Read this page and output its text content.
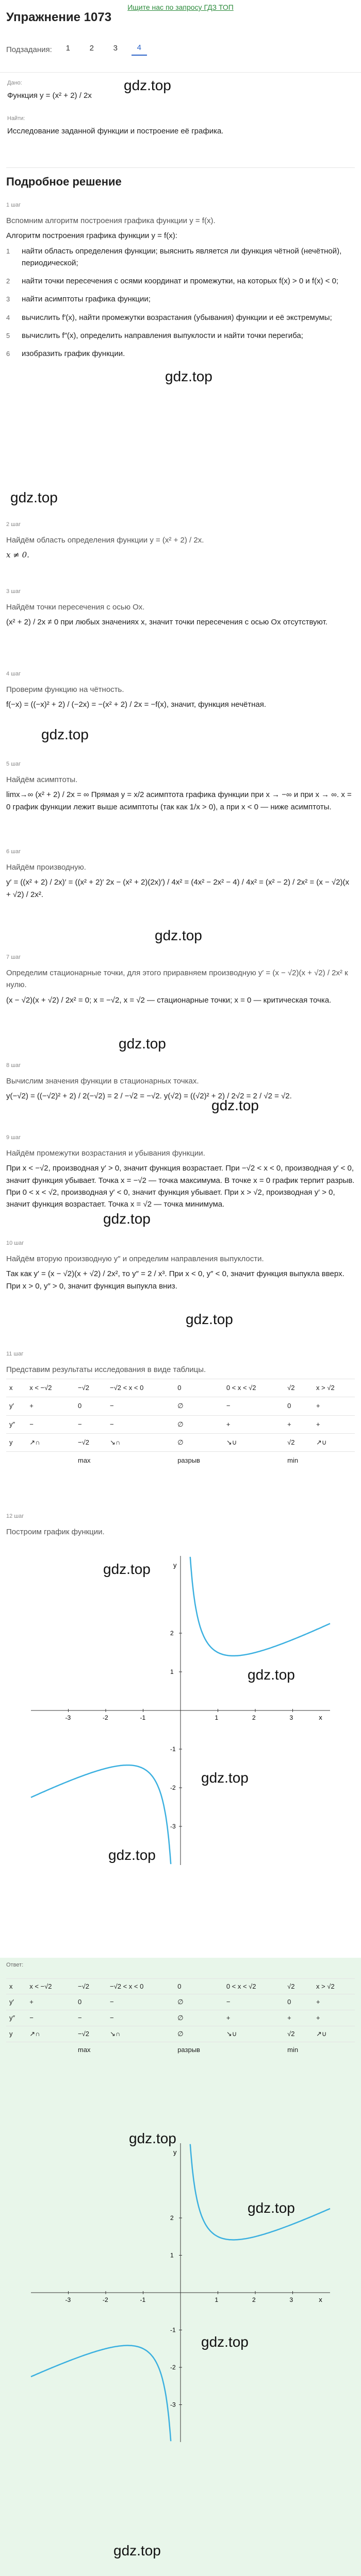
Ищите нас по запросу ГДЗ ТОП
Упражнение 1073
Подзадания:	1	2	3	4
Дано:
Функция y = (x² + 2) / 2x
Найти:
Исследование заданной функции и построение её графика.
gdz.top
Подробное решение
1 шаг

Вспомним алгоритм построения графика функции y = f(x).

Алгоритм построения графика функции y = f(x):

1	найти область определения функции; выяснить является ли функция чётной (нечётной), периодической;
2	найти точки пересечения с осями координат и промежутки, на которых f(x) > 0 и f(x) < 0;
3	найти асимптоты графика функции;
4	вычислить f′(x), найти промежутки возрастания (убывания) функции и её экстремумы;
5	вычислить f″(x), определить направления выпуклости и найти точки перегиба;
6	изобразить график функции.
gdz.top
gdz.top
2 шаг

Найдём область определения функции y = (x² + 2) / 2x.

x ≠ 0.

3 шаг

Найдём точки пересечения с осью Ox.

(x² + 2) / 2x ≠ 0 при любых значениях x, значит точки пересечения с осью Ox отсутствуют.

4 шаг

Проверим функцию на чётность.

f(−x) = ((−x)² + 2) / (−2x) = −(x² + 2) / 2x = −f(x), значит, функция нечётная.

gdz.top
5 шаг

Найдём асимптоты.

limx→∞ (x² + 2) / 2x = ∞ Прямая y = x/2 асимптота графика функции при x → −∞ и при x → ∞. x = 0 график функции лежит выше асимптоты (так как 1/x > 0), а при x < 0 — ниже асимптоты.

6 шаг

Найдём производную.

y′ = ((x² + 2) / 2x)′ = ((x² + 2)′ 2x − (x² + 2)(2x)′) / 4x² = (4x² − 2x² − 4) / 4x² = (x² − 2) / 2x² = (x − √2)(x + √2) / 2x².

gdz.top
7 шаг

Определим стационарные точки, для этого приравняем производную y′ = (x − √2)(x + √2) / 2x² к нулю.

(x − √2)(x + √2) / 2x² = 0; x = −√2, x = √2 — стационарные точки; x = 0 — критическая точка.

gdz.top
8 шаг

Вычислим значения функции в стационарных точках.

y(−√2) = ((−√2)² + 2) / 2(−√2) = 2 / −√2 = −√2. y(√2) = ((√2)² + 2) / 2√2 = 2 / √2 = √2.

gdz.top
9 шаг

Найдём промежутки возрастания и убывания функции.

При x < −√2, производная y′ > 0, значит функция возрастает. При −√2 < x < 0, производная y′ < 0, значит функция убывает. Точка x = −√2 — точка максимума. В точке x = 0 график терпит разрыв. При 0 < x < √2, производная y′ < 0, значит функция убывает. При x > √2, производная y′ > 0, значит функция возрастает. Точка x = √2 — точка минимума.

gdz.top
10 шаг

Найдём вторую производную y″ и определим направления выпуклости.

Так как y′ = (x − √2)(x + √2) / 2x², то y″ = 2 / x³. При x < 0, y″ < 0, значит функция выпукла вверх. При x > 0, y″ > 0, значит функция выпукла вниз.

gdz.top
11 шаг

Представим результаты исследования в виде таблицы.

x	x < −√2	−√2	−√2 < x < 0	0	0 < x < √2	√2	x > √2
y′	+	0	−	∅	−	0	+
y″	−	−	−	∅	+	+	+
y	↗∩	−√2	↘∩	∅	↘∪	√2	↗∪
		max		разрыв		min	
12 шаг

Построим график функции.

x
y
-3	-2	-1	1	2	3
2
1
-1
-2
-3
gdz.top
gdz.top
gdz.top
gdz.top
Ответ:
x	x < −√2	−√2	−√2 < x < 0	0	0 < x < √2	√2	x > √2
y′	+	0	−	∅	−	0	+
y″	−	−	−	∅	+	+	+
y	↗∩	−√2	↘∩	∅	↘∪	√2	↗∪
		max		разрыв		min	
x
у
-3	-2	-1	1	2	3
2
1
-1
-2
-3
gdz.top
gdz.top
gdz.top
gdz.top
